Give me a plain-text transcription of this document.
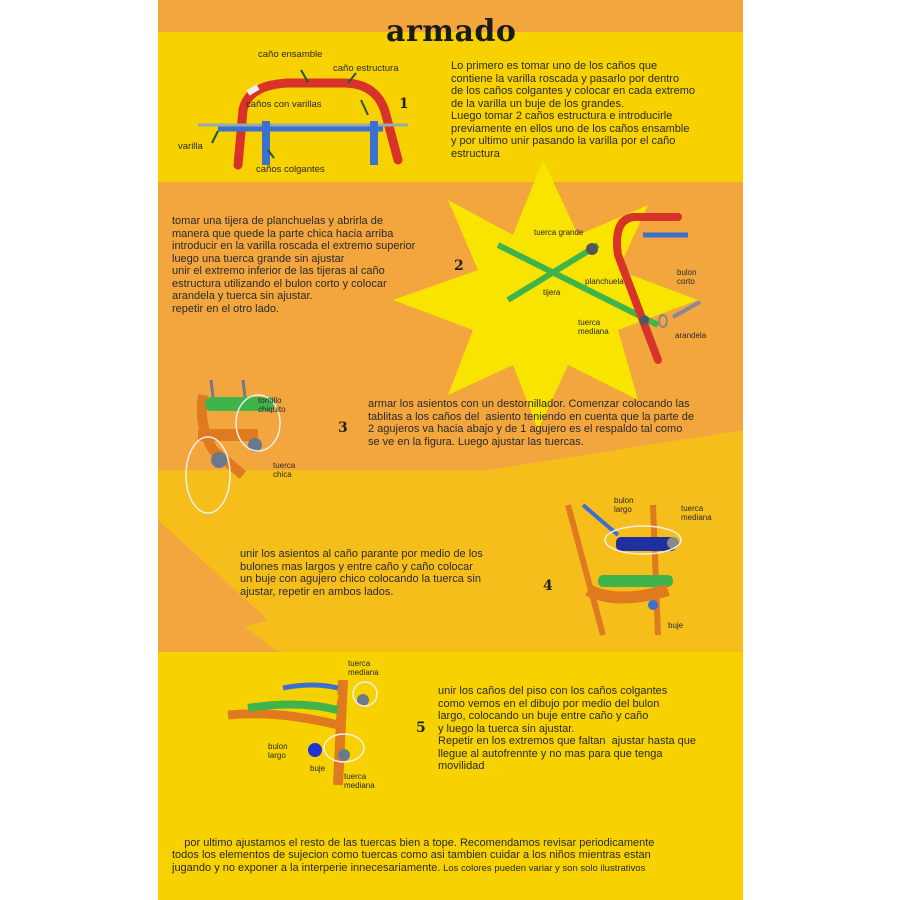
armado
caño ensamble
caño estructura
caños con varillas
varilla
caños colgantes
1
Lo primero es tomar uno de los caños que
contiene la varilla roscada y pasarlo por dentro
de los caños colgantes y colocar en cada extremo
de la varilla un buje de los grandes.
Luego tomar 2 caños estructura e introducirle
previamente en ellos uno de los caños ensamble
y por ultimo unir pasando la varilla por el caño
estructura
tomar una tijera de planchuelas y abrirla de
manera que quede la parte chica hacia arriba
introducir en la varilla roscada el extremo superior
luego una tuerca grande sin ajustar
unir el extremo inferior de las tijeras al caño
estructura utilizando el bulon corto y colocar
arandela y tuerca sin ajustar.
repetir en el otro lado.
2
tuerca grande
tijera
planchuela
bulon
corto
tuerca
mediana	arandela
tornillo
chiquito
tuerca
chica
3
armar los asientos con un destornillador. Comenzar colocando las
tablitas a los caños del  asiento teniendo en cuenta que la parte de
2 agujeros va hacia abajo y de 1 agujero es el respaldo tal como
se ve en la figura. Luego ajustar las tuercas.
unir los asientos al caño parante por medio de los
bulones mas largos y entre caño y caño colocar
un buje con agujero chico colocando la tuerca sin
ajustar, repetir en ambos lados.
bulon
largo	tuerca
mediana
buje
4
tuerca
mediana
bulon
largo
buje
tuerca
mediana
5
unir los caños del piso con los caños colgantes
como vemos en el dibujo por medio del bulon
largo, colocando un buje entre caño y caño
y luego la tuerca sin ajustar.
Repetir en los extremos que faltan  ajustar hasta que
llegue al autofrennte y no mas para que tenga
movilidad

por ultimo ajustamos el resto de las tuercas bien a tope. Recomendamos revisar periodicamente
todos los elementos de sujecion como tuercas como asi tambien cuidar a los niños mientras estan
jugando y no exponer a la interperie innecesariamente. Los colores pueden variar y son solo ilustrativos
